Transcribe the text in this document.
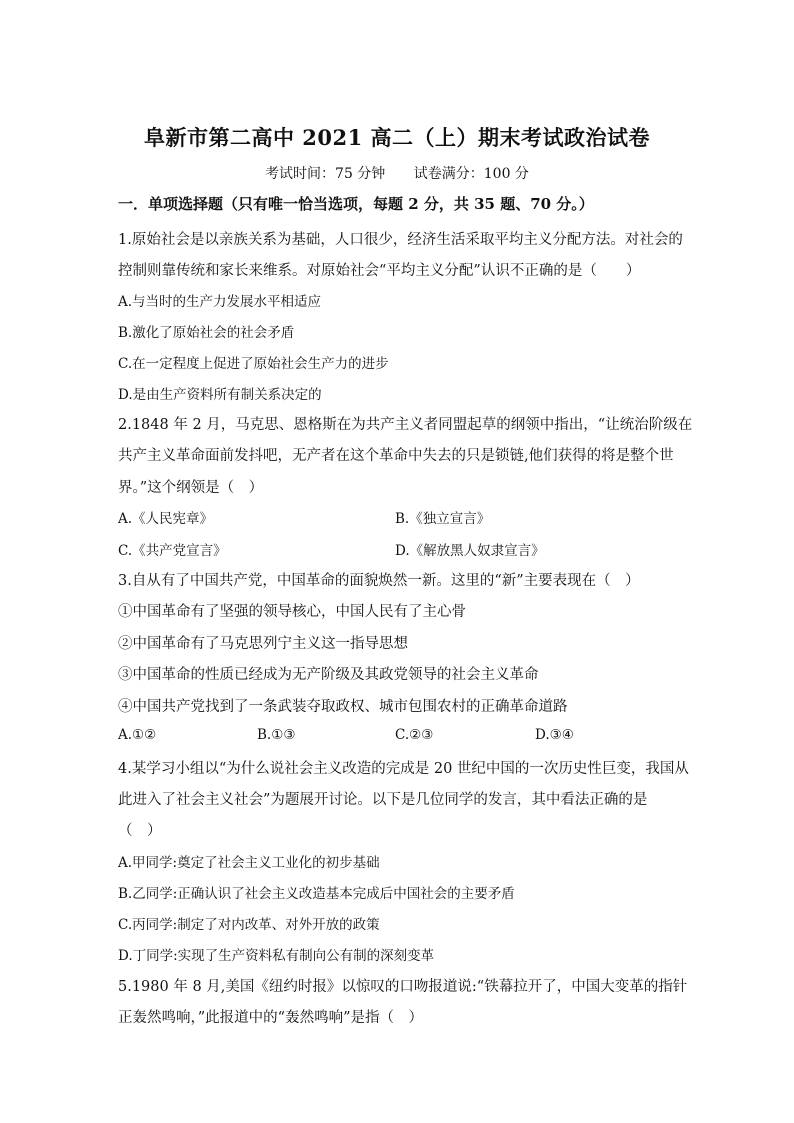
阜新市第二高中 2021 高二（上）期末考试政治试卷
考试时间：75 分钟 试卷满分：100 分
一．单项选择题（只有唯一恰当选项，每题 2 分，共 35 题、70 分。）
1.原始社会是以亲族关系为基础，人口很少，经济生活采取平均主义分配方法。对社会的
控制则靠传统和家长来维系。对原始社会“平均主义分配”认识不正确的是（　　）
A.与当时的生产力发展水平相适应
B.激化了原始社会的社会矛盾
C.在一定程度上促进了原始社会生产力的进步
D.是由生产资料所有制关系决定的
2.1848 年 2 月，马克思、恩格斯在为共产主义者同盟起草的纲领中指出，“让统治阶级在
共产主义革命面前发抖吧，无产者在这个革命中失去的只是锁链,他们获得的将是整个世
界。”这个纲领是（　）
A.《人民宪章》	B.《独立宣言》
C.《共产党宣言》	D.《解放黑人奴隶宣言》
3.自从有了中国共产党，中国革命的面貌焕然一新。这里的“新”主要表现在（　）
①中国革命有了坚强的领导核心，中国人民有了主心骨
②中国革命有了马克思列宁主义这一指导思想
③中国革命的性质已经成为无产阶级及其政党领导的社会主义革命
④中国共产党找到了一条武装夺取政权、城市包围农村的正确革命道路
A.①②	B.①③	C.②③	D.③④
4.某学习小组以“为什么说社会主义改造的完成是 20 世纪中国的一次历史性巨变，我国从
此进入了社会主义社会”为题展开讨论。以下是几位同学的发言，其中看法正确的是
（　）
A.甲同学:奠定了社会主义工业化的初步基础
B.乙同学:正确认识了社会主义改造基本完成后中国社会的主要矛盾
C.丙同学:制定了对内改革、对外开放的政策
D.丁同学:实现了生产资料私有制向公有制的深刻变革
5.1980 年 8 月,美国《纽约时报》以惊叹的口吻报道说:“铁幕拉开了，中国大变革的指针
正轰然鸣响，”此报道中的“轰然鸣响”是指（　）
